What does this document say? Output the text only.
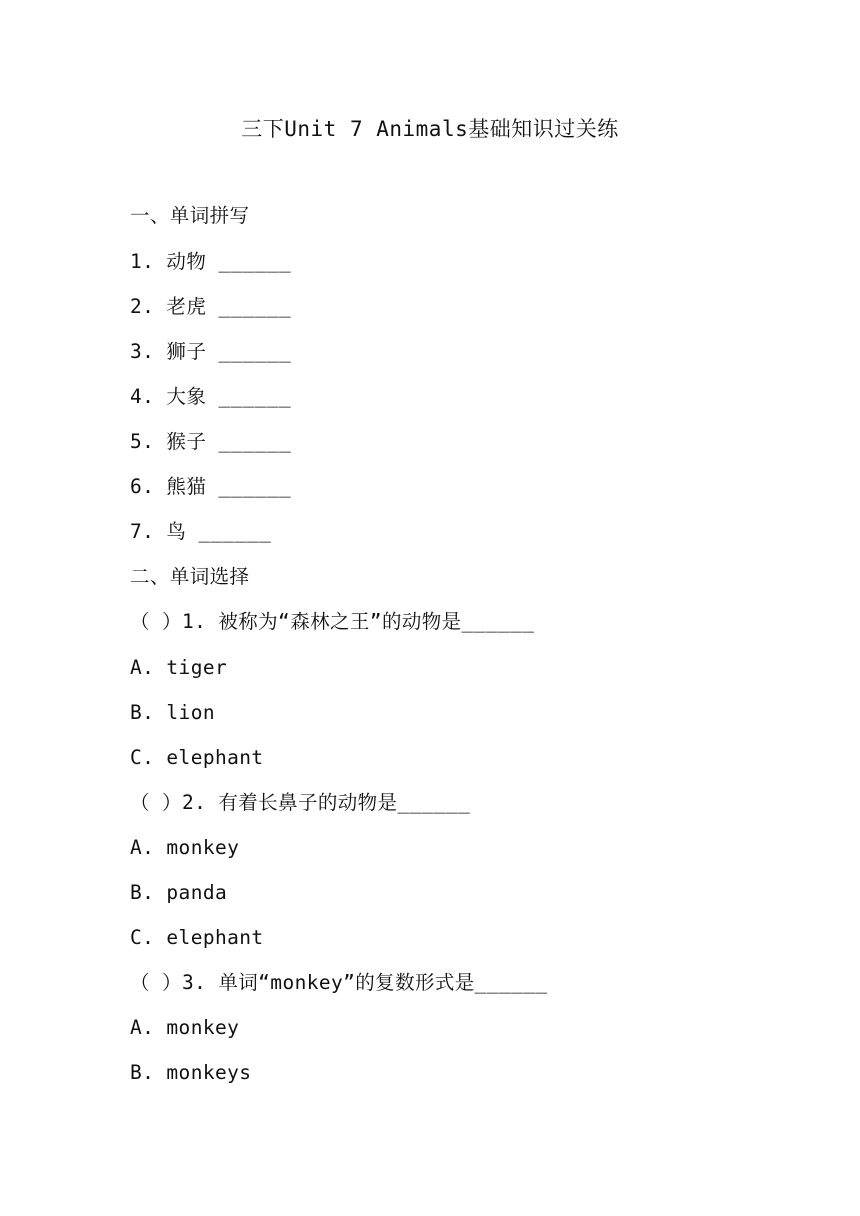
三下Unit 7 Animals基础知识过关练
一、单词拼写
1. 动物 ______
2. 老虎 ______
3. 狮子 ______
4. 大象 ______
5. 猴子 ______
6. 熊猫 ______
7. 鸟 ______
二、单词选择
（ ）1. 被称为“森林之王”的动物是______
A. tiger
B. lion
C. elephant
（ ）2. 有着长鼻子的动物是______
A. monkey
B. panda
C. elephant
（ ）3. 单词“monkey”的复数形式是______
A. monkey
B. monkeys
